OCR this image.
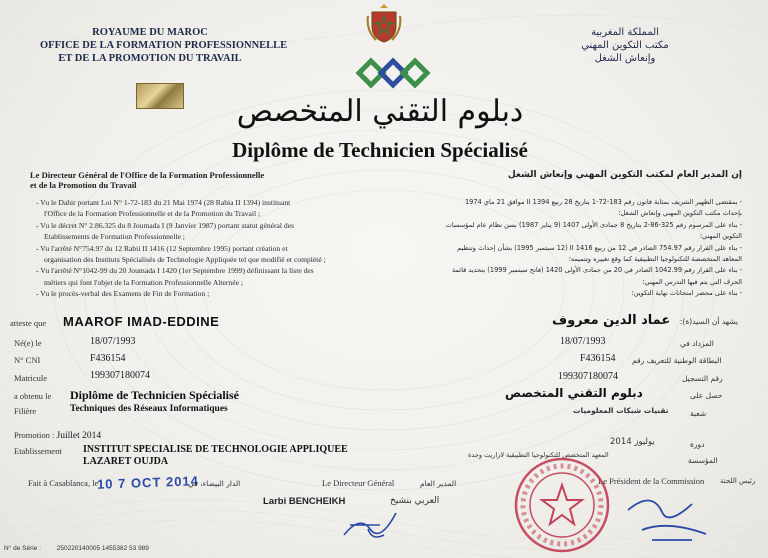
ROYAUME DU MAROC
OFFICE DE LA FORMATION PROFESSIONNELLE
ET DE LA PROMOTION DU TRAVAIL
المملكة المغربية
مكتب التكوين المهني
وإنعاش الشغل
دبلوم التقني المتخصص
Diplôme de Technicien Spécialisé
Le Directeur Général de l'Office de la Formation Professionnelle
et de la Promotion du Travail
إن المدير العام لمكتب التكوين المهني وإنعاش الشغل
- Vu le Dahir portant Loi N° 1-72-183 du 21 Mai 1974 (28 Rabia II 1394) instituant
l'Office de la Formation Professionnelle et de la Promotion du Travail ;
- Vu le décret N° 2.86.325 du 8 Joumada I (9 Janvier 1987) portant statut général des
Etablissements de Formation Professionnelle ;
- Vu l'arrêté N°754.97 du 12 Rabii II 1416 (12 Septembre 1995) portant création et
organisation des Instituts Spécialisés de Technologie Appliquée tel que modifié et complété ;
- Vu l'arrêté N°1042-99 du 20 Joumada I 1420 (1er Septembre 1999) définissant la liste des
métiers qui font l'objet de la Formation Professionnelle Alternée ;
- Vu le procès-verbal des Examens de Fin de Formation ;
- بمقتضى الظهير الشريف بمثابة قانون رقم 183-72-1 بتاريخ 28 ربيع II 1394 موافق 21 ماي 1974
بإحداث مكتب التكوين المهني وإنعاش الشغل؛
- بناء على المرسوم رقم 325-86-2 بتاريخ 8 جمادى الأولى 1407 (9 يناير 1987) بسن نظام عام لمؤسسات
التكوين المهني؛
- بناء على القرار رقم 754.97 الصادر في 12 من ربيع II 1416 (12 سبتمبر 1995) بشأن إحداث وتنظيم
المعاهد المتخصصة للتكنولوجيا التطبيقية كما وقع تغييره وتتميمه؛
- بناء على القرار رقم 1042.99 الصادر في 20 من جمادى الأولى 1420 (فاتح سبتمبر 1999) بتحديد قائمة
الحرف التي يتم فيها التدرس المهني؛
- بناء على محضر امتحانات نهاية التكوين؛
atteste que MAAROF IMAD-EDDINE	عماد الدين معروف يشهد أن السيد(ة):
Né(e) le	18/07/1993	18/07/1993	المزداد في
N° CNI	F436154	F436154 البطاقة الوطنية للتعريف رقم
Matricule	199307180074	199307180074	رقم التسجيل
a obtenu le Diplôme de Technicien Spécialisé	دبلوم التقني المتخصص	حصل على
Filière	Techniques des Réseaux Informatiques	تقنيات شبكات المعلوميات	شعبة
Promotion : Juillet 2014
يوليوز 2014	دورة
Etablissement INSTITUT SPECIALISE DE TECHNOLOGIE APPLIQUEE
LAZARET OUJDA
المعهد المتخصص للتكنولوجيا التطبيقية لازاريت وجدة
المؤسسة
Fait à Casablanca, le
10 7 OCT 2014
الدار البيضاء، في	Le Directeur Général	المدير العام
Larbi BENCHEIKH	العربي بنشيخ
Le Président de la Commission رئيس اللجنة
N° de Série : 250220140005 1455382 53 989
